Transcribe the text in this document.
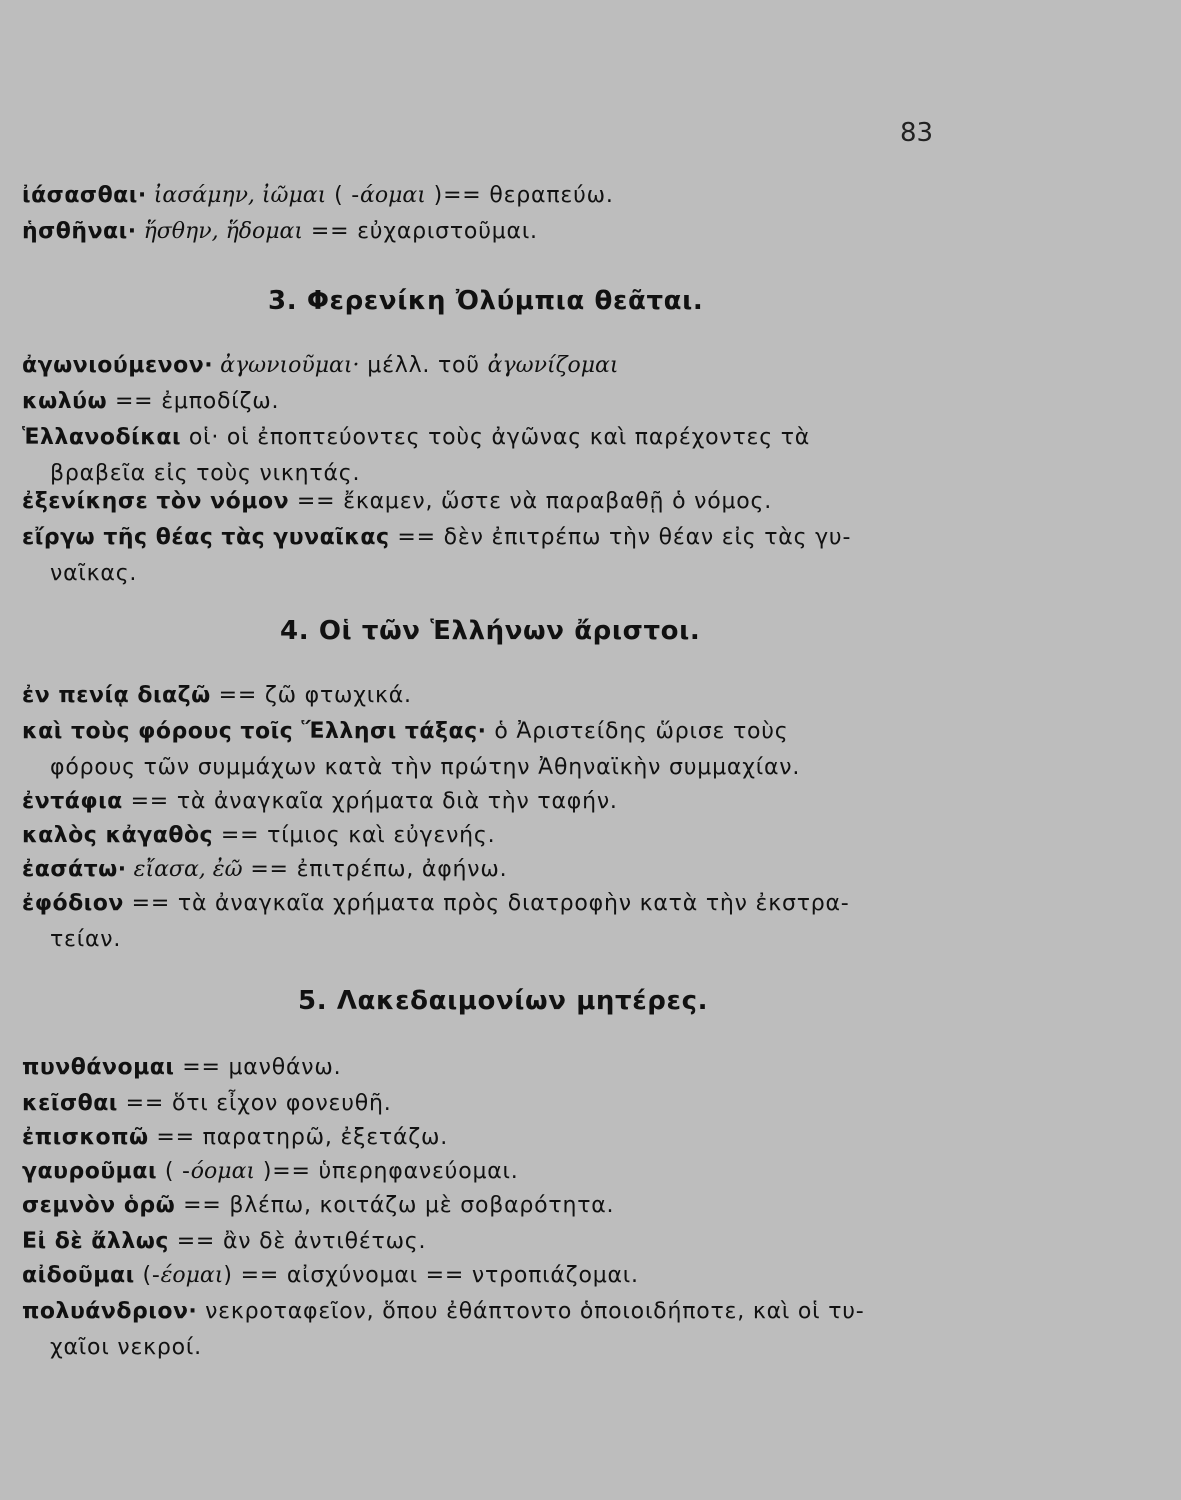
83
ἰάσασθαι· ἰασάμην, ἰῶμαι ( -άομαι )== θεραπεύω.
ἡσθῆναι· ἥσθην, ἥδομαι == εὐχαριστοῦμαι.
3. Φερενίκη Ὀλύμπια θεᾶται.
ἀγωνιούμενον· ἀγωνιοῦμαι· μέλλ. τοῦ ἀγωνίζομαι
κωλύω == ἐμποδίζω.
Ἑλλανοδίκαι οἱ· οἱ ἐποπτεύοντες τοὺς ἀγῶνας καὶ παρέχοντες τὰ
βραβεῖα εἰς τοὺς νικητάς.
ἐξενίκησε τὸν νόμον == ἔκαμεν, ὥστε νὰ παραβαθῇ ὁ νόμος.
εἴργω τῆς θέας τὰς γυναῖκας == δὲν ἐπιτρέπω τὴν θέαν εἰς τὰς γυ-
ναῖκας.
4. Οἱ τῶν Ἑλλήνων ἄριστοι.
ἐν πενίᾳ διαζῶ == ζῶ φτωχικά.
καὶ τοὺς φόρους τοῖς Ἕλλησι τάξας· ὁ Ἀριστείδης ὥρισε τοὺς
φόρους τῶν συμμάχων κατὰ τὴν πρώτην Ἀθηναϊκὴν συμμαχίαν.
ἐντάφια == τὰ ἀναγκαῖα χρήματα διὰ τὴν ταφήν.
καλὸς κἀγαθὸς == τίμιος καὶ εὐγενής.
ἐασάτω· εἴασα, ἐῶ == ἐπιτρέπω, ἀφήνω.
ἐφόδιον == τὰ ἀναγκαῖα χρήματα πρὸς διατροφὴν κατὰ τὴν ἐκστρα-
τείαν.
5. Λακεδαιμονίων μητέρες.
πυνθάνομαι == μανθάνω.
κεῖσθαι == ὅτι εἶχον φονευθῆ.
ἐπισκοπῶ == παρατηρῶ, ἐξετάζω.
γαυροῦμαι ( -όομαι )== ὑπερηφανεύομαι.
σεμνὸν ὁρῶ == βλέπω, κοιτάζω μὲ σοβαρότητα.
Εἰ δὲ ἄλλως == ἂν δὲ ἀντιθέτως.
αἰδοῦμαι (-έομαι) == αἰσχύνομαι == ντροπιάζομαι.
πολυάνδριον· νεκροταφεῖον, ὅπου ἐθάπτοντο ὁποιοιδήποτε, καὶ οἱ τυ-
χαῖοι νεκροί.
